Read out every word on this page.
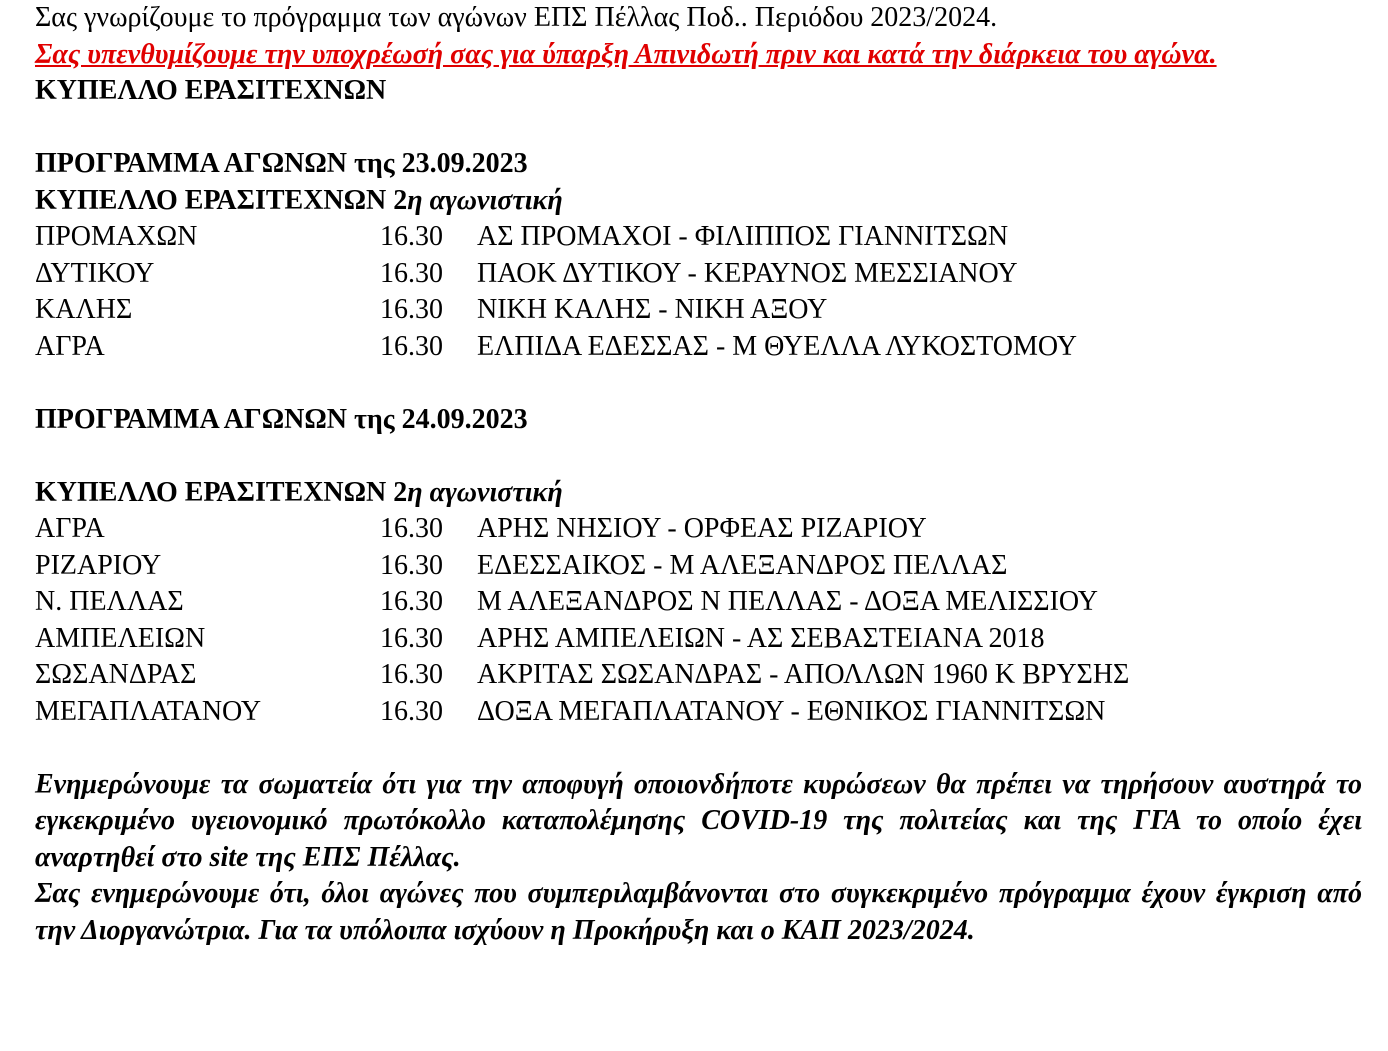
Σας γνωρίζουμε το πρόγραμμα των αγώνων ΕΠΣ Πέλλας Ποδ.. Περιόδου 2023/2024.
Σας υπενθυμίζουμε την υποχρέωσή σας για ύπαρξη Απινιδωτή πριν και κατά την διάρκεια του αγώνα.
ΚΥΠΕΛΛΟ ΕΡΑΣΙΤΕΧΝΩΝ
ΠΡΟΓΡΑΜΜΑ ΑΓΩΝΩΝ της 23.09.2023
ΚΥΠΕΛΛΟ ΕΡΑΣΙΤΕΧΝΩΝ 2η αγωνιστική
ΠΡΟΜΑΧΩΝ	16.30	ΑΣ ΠΡΟΜΑΧΟΙ - ΦΙΛΙΠΠΟΣ ΓΙΑΝΝΙΤΣΩΝ
ΔΥΤΙΚΟΥ	16.30	ΠΑΟΚ ΔΥΤΙΚΟΥ - ΚΕΡΑΥΝΟΣ ΜΕΣΣΙΑΝΟΥ
ΚΑΛΗΣ	16.30	ΝΙΚΗ ΚΑΛΗΣ - ΝΙΚΗ ΑΞΟΥ
ΑΓΡΑ	16.30	ΕΛΠΙΔΑ ΕΔΕΣΣΑΣ - Μ ΘΥΕΛΛΑ ΛΥΚΟΣΤΟΜΟΥ
ΠΡΟΓΡΑΜΜΑ ΑΓΩΝΩΝ της 24.09.2023
ΚΥΠΕΛΛΟ ΕΡΑΣΙΤΕΧΝΩΝ 2η αγωνιστική
ΑΓΡΑ	16.30	ΑΡΗΣ ΝΗΣΙΟΥ - ΟΡΦΕΑΣ ΡΙΖΑΡΙΟΥ
ΡΙΖΑΡΙΟΥ	16.30	ΕΔΕΣΣΑΙΚΟΣ - Μ ΑΛΕΞΑΝΔΡΟΣ ΠΕΛΛΑΣ
Ν. ΠΕΛΛΑΣ	16.30	Μ ΑΛΕΞΑΝΔΡΟΣ Ν ΠΕΛΛΑΣ - ΔΟΞΑ ΜΕΛΙΣΣΙΟΥ
ΑΜΠΕΛΕΙΩΝ	16.30	ΑΡΗΣ ΑΜΠΕΛΕΙΩΝ - ΑΣ ΣΕΒΑΣΤΕΙΑΝΑ 2018
ΣΩΣΑΝΔΡΑΣ	16.30	ΑΚΡΙΤΑΣ ΣΩΣΑΝΔΡΑΣ - ΑΠΟΛΛΩΝ 1960 Κ ΒΡΥΣΗΣ
ΜΕΓΑΠΛΑΤΑΝΟΥ	16.30	ΔΟΞΑ ΜΕΓΑΠΛΑΤΑΝΟΥ - ΕΘΝΙΚΟΣ ΓΙΑΝΝΙΤΣΩΝ
Ενημερώνουμε τα σωματεία ότι για την αποφυγή οποιονδήποτε κυρώσεων θα πρέπει να τηρήσουν αυστηρά το εγκεκριμένο υγειονομικό πρωτόκολλο καταπολέμησης COVID-19 της πολιτείας και της ΓΓΑ το οποίο έχει αναρτηθεί στο site της ΕΠΣ Πέλλας.
Σας ενημερώνουμε ότι, όλοι αγώνες που συμπεριλαμβάνονται στο συγκεκριμένο πρόγραμμα έχουν έγκριση από την Διοργανώτρια. Για τα υπόλοιπα ισχύουν η Προκήρυξη και ο ΚΑΠ 2023/2024.
